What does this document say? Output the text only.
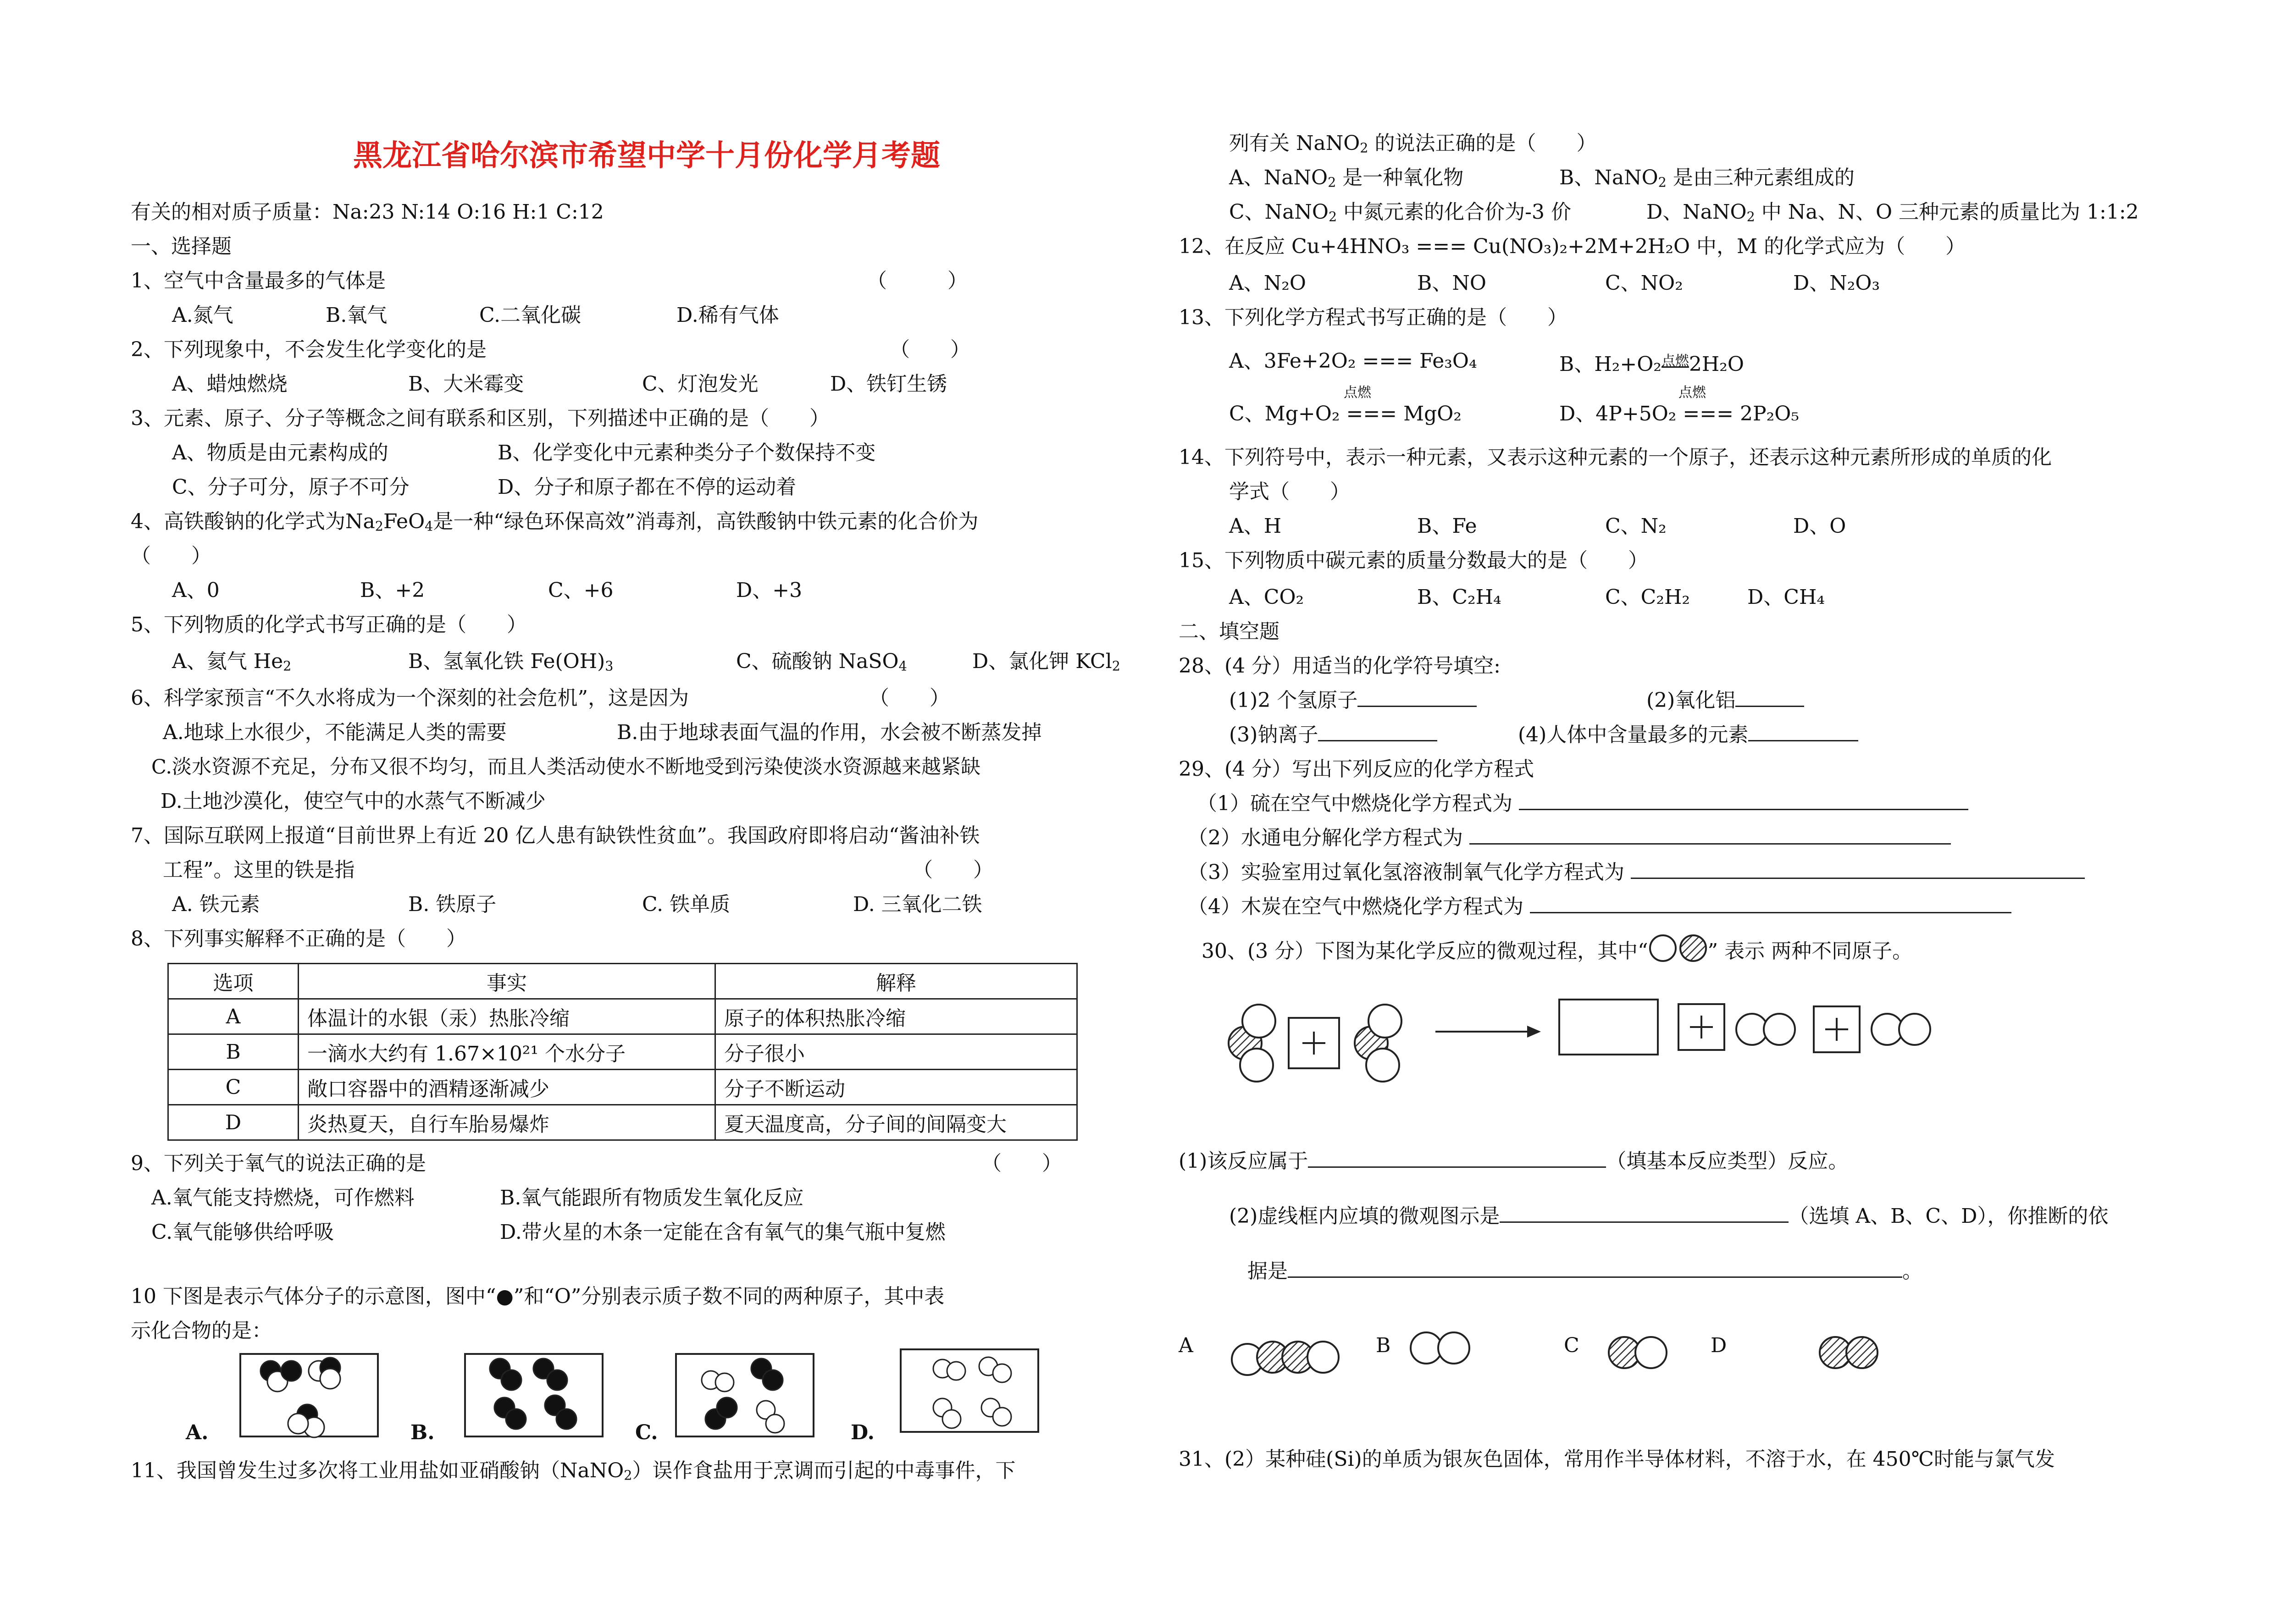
黑龙江省哈尔滨市希望中学十月份化学月考题
有关的相对质子质量：Na:23 N:14 O:16 H:1 C:12
一、选择题
1、空气中含量最多的气体是	（　　　）
A.氮气	B.氧气	C.二氧化碳	D.稀有气体
2、下列现象中，不会发生化学变化的是	（　　）
A、蜡烛燃烧	B、大米霉变	C、灯泡发光	D、铁钉生锈
3、元素、原子、分子等概念之间有联系和区别，下列描述中正确的是（　　）
A、物质是由元素构成的	B、化学变化中元素种类分子个数保持不变
C、分子可分，原子不可分	D、分子和原子都在不停的运动着
4、高铁酸钠的化学式为$Na_2FeO_4$是一种“绿色环保高效”消毒剂，高铁酸钠中铁元素的化合价为
（　　）
A、0	B、+2	C、+6	D、+3
5、下列物质的化学式书写正确的是（　　）
A、氦气 $He_2$	B、氢氧化铁 $Fe(OH)_3$	C、硫酸钠 NaSO$_4$	D、氯化钾 KCl$_2$
6、科学家预言“不久水将成为一个深刻的社会危机”，这是因为	（　　）
A.地球上水很少，不能满足人类的需要	B.由于地球表面气温的作用，水会被不断蒸发掉
C.淡水资源不充足，分布又很不均匀，而且人类活动使水不断地受到污染使淡水资源越来越紧缺
D.土地沙漠化，使空气中的水蒸气不断减少
7、国际互联网上报道“目前世界上有近 20 亿人患有缺铁性贫血”。我国政府即将启动“酱油补铁
工程”。这里的铁是指	（　　）
A. 铁元素	B. 铁原子	C. 铁单质	D. 三氧化二铁
8、下列事实解释不正确的是（　　）
选项	事实	解释
A	体温计的水银（汞）热胀冷缩	原子的体积热胀冷缩
B	一滴水大约有 1.67×10²¹ 个水分子	分子很小
C	敞口容器中的酒精逐渐减少	分子不断运动
D	炎热夏天，自行车胎易爆炸	夏天温度高，分子间的间隔变大
9、下列关于氧气的说法正确的是	（　　）
A.氧气能支持燃烧，可作燃料	B.氧气能跟所有物质发生氧化反应
C.氧气能够供给呼吸	D.带火星的木条一定能在含有氧气的集气瓶中复燃
10 下图是表示气体分子的示意图，图中“●”和“O”分别表示质子数不同的两种原子，其中表
示化合物的是：
A.	B.	C.	D.
11、我国曾发生过多次将工业用盐如亚硝酸钠（NaNO$_2$）误作食盐用于烹调而引起的中毒事件，下
列有关 NaNO$_2$ 的说法正确的是（　　）
A、NaNO$_2$ 是一种氧化物	B、NaNO$_2$ 是由三种元素组成的
C、NaNO$_2$ 中氮元素的化合价为-3 价	D、NaNO$_2$ 中 Na、N、O 三种元素的质量比为 1:1:2
12、在反应 Cu+4HNO₃ === Cu(NO₃)₂+2M+2H₂O 中，M 的化学式应为（　　）
A、N₂O	B、NO	C、NO₂	D、N₂O₃
13、下列化学方程式书写正确的是（　　）
A、3Fe+2O₂ === Fe₃O₄	B、H₂+O₂$^{点燃}$2H₂O
点燃
C、Mg+O₂ === MgO₂
点燃
D、4P+5O₂ === 2P₂O₅
14、下列符号中，表示一种元素，又表示这种元素的一个原子，还表示这种元素所形成的单质的化
学式（　　）
A、H	B、Fe	C、N₂	D、O
15、下列物质中碳元素的质量分数最大的是（　　）
A、CO₂	B、C₂H₄	C、C₂H₂	D、CH₄
二、填空题
28、(4 分）用适当的化学符号填空:
(1)2 个氢原子	(2)氧化铝
(3)钠离子	(4)人体中含量最多的元素
29、(4 分）写出下列反应的化学方程式
（1）硫在空气中燃烧化学方程式为
（2）水通电分解化学方程式为
（3）实验室用过氧化氢溶液制氧气化学方程式为
（4）木炭在空气中燃烧化学方程式为
30、(3 分）下图为某化学反应的微观过程，其中“	” 表示 两种不同原子。
(1)该反应属于	（填基本反应类型）反应。
(2)虚线框内应填的微观图示是	（选填 A、B、C、D），你推断的依
据是	。
A	B	C	D
31、(2）某种硅(Si)的单质为银灰色固体，常用作半导体材料，不溶于水，在 450℃时能与氯气发
